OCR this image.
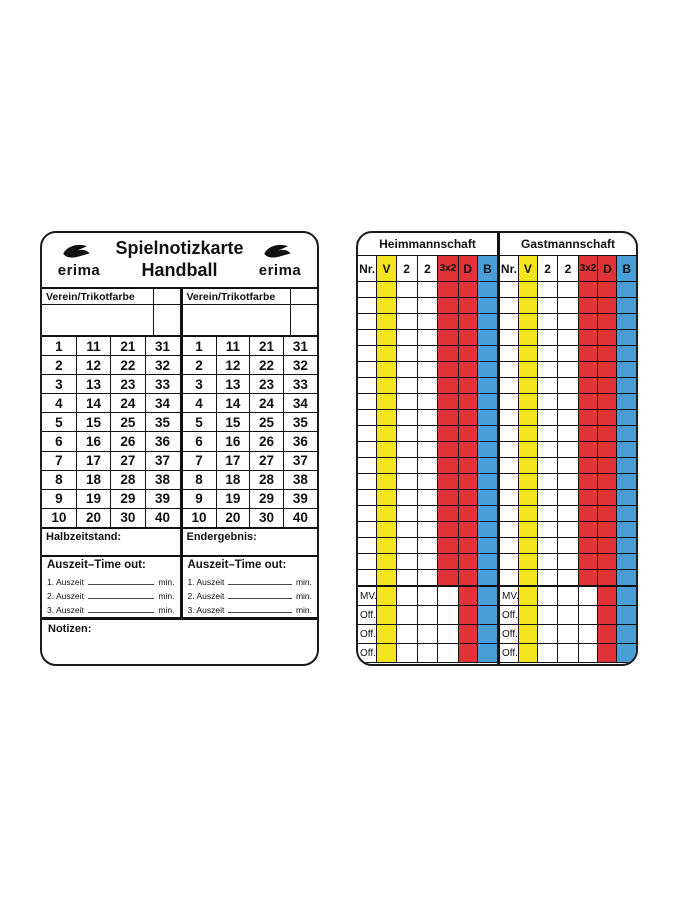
erima
Spielnotizkarte
Handball	erima
Verein/Trikotfarbe
1	11	21	31
2	12	22	32
3	13	23	33
4	14	24	34
5	15	25	35
6	16	26	36
7	17	27	37
8	18	28	38
9	19	29	39
10	20	30	40
Halbzeitstand:
Auszeit–Time out:
1. Auszeit	min.
2. Auszeit	min.
3. Auszeit	min.
Verein/Trikotfarbe
1	11	21	31
2	12	22	32
3	13	23	33
4	14	24	34
5	15	25	35
6	16	26	36
7	17	27	37
8	18	28	38
9	19	29	39
10	20	30	40
Endergebnis:
Auszeit–Time out:
1. Auszeit	min.
2. Auszeit	min.
3. Auszeit	min.
Notizen:
Heimmannschaft
Nr.	V	2	2	3x2	D	B

MV.						
Off.						
Off.						
Off.						
Gastmannschaft
Nr.	V	2	2	3x2	D	B

MV.						
Off.						
Off.						
Off.						
